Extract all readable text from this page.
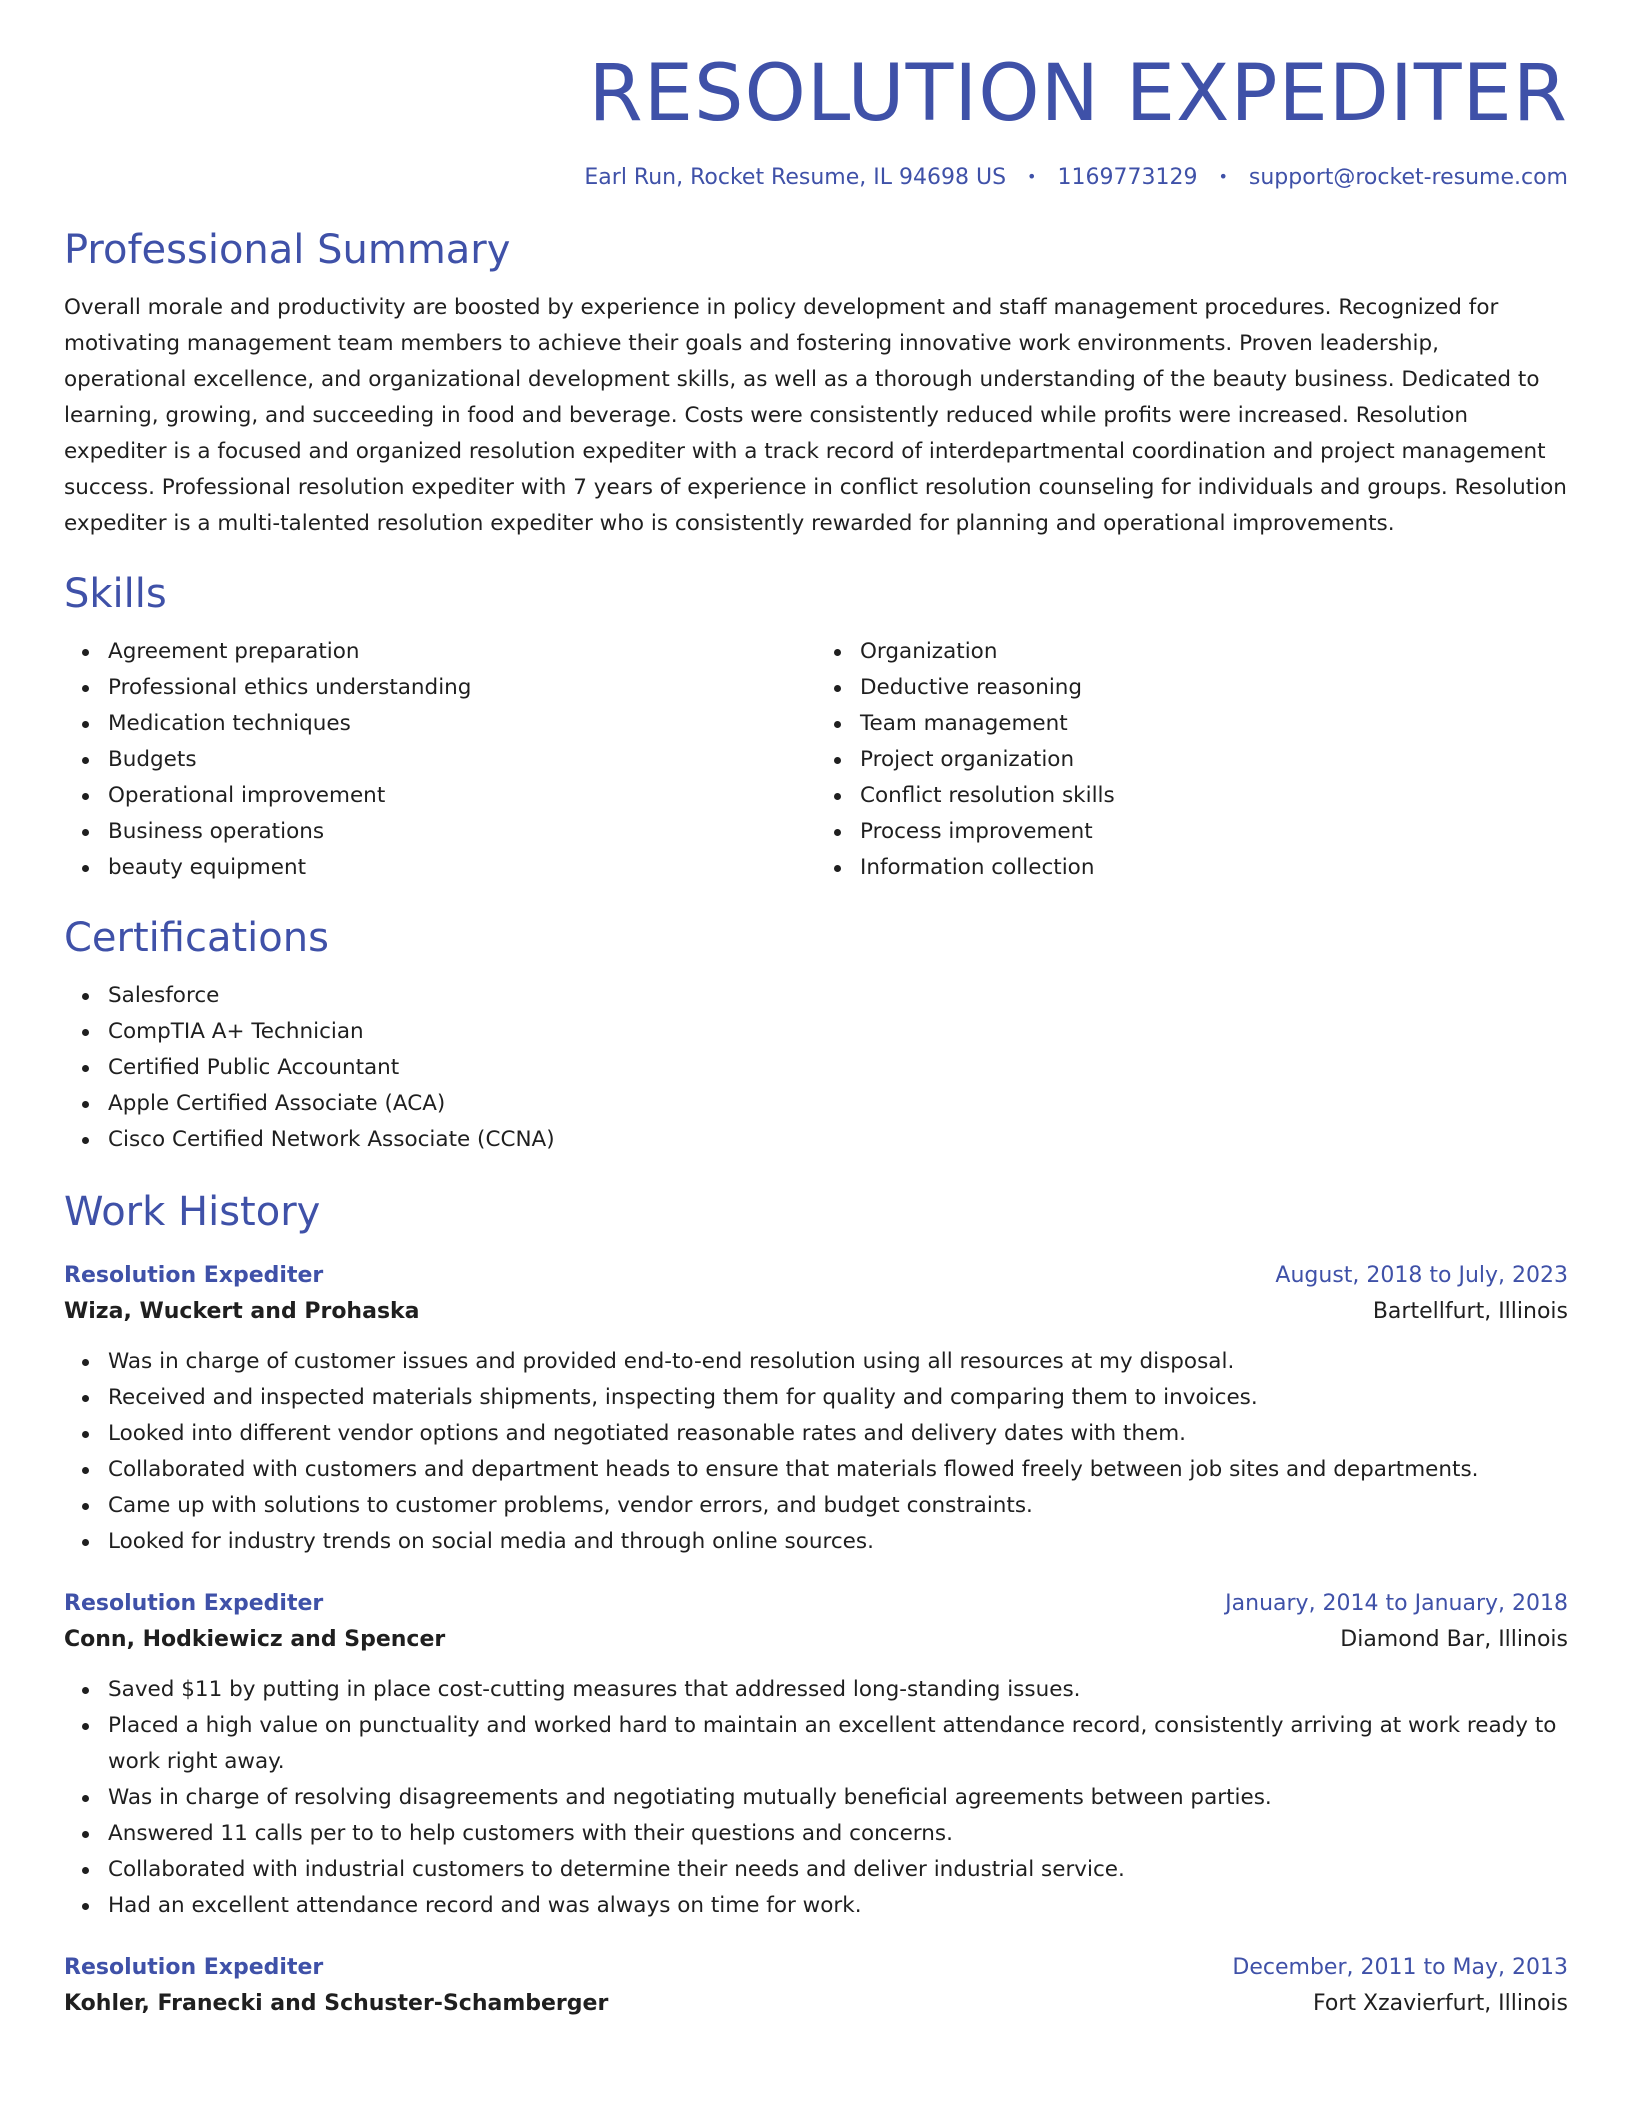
RESOLUTION EXPEDITER
Earl Run, Rocket Resume, IL 94698 US • 1169773129 • support@rocket-resume.com
Professional Summary

Overall morale and productivity are boosted by experience in policy development and staff management procedures. Recognized for motivating management team members to achieve their goals and fostering innovative work environments. Proven leadership, operational excellence, and organizational development skills, as well as a thorough understanding of the beauty business. Dedicated to learning, growing, and succeeding in food and beverage. Costs were consistently reduced while profits were increased. Resolution expediter is a focused and organized resolution expediter with a track record of interdepartmental coordination and project management success. Professional resolution expediter with 7 years of experience in conflict resolution counseling for individuals and groups. Resolution expediter is a multi-talented resolution expediter who is consistently rewarded for planning and operational improvements.

Skills
Agreement preparation
Professional ethics understanding
Medication techniques
Budgets
Operational improvement
Business operations
beauty equipment
Organization
Deductive reasoning
Team management
Project organization
Conflict resolution skills
Process improvement
Information collection
Certifications
Salesforce
CompTIA A+ Technician
Certified Public Accountant
Apple Certified Associate (ACA)
Cisco Certified Network Associate (CCNA)
Work History
Resolution Expediter	August, 2018 to July, 2023
Wiza, Wuckert and Prohaska	Bartellfurt, Illinois
Was in charge of customer issues and provided end-to-end resolution using all resources at my disposal.
Received and inspected materials shipments, inspecting them for quality and comparing them to invoices.
Looked into different vendor options and negotiated reasonable rates and delivery dates with them.
Collaborated with customers and department heads to ensure that materials flowed freely between job sites and departments.
Came up with solutions to customer problems, vendor errors, and budget constraints.
Looked for industry trends on social media and through online sources.
Resolution Expediter	January, 2014 to January, 2018
Conn, Hodkiewicz and Spencer	Diamond Bar, Illinois
Saved $11 by putting in place cost-cutting measures that addressed long-standing issues.
Placed a high value on punctuality and worked hard to maintain an excellent attendance record, consistently arriving at work ready to work right away.
Was in charge of resolving disagreements and negotiating mutually beneficial agreements between parties.
Answered 11 calls per to to help customers with their questions and concerns.
Collaborated with industrial customers to determine their needs and deliver industrial service.
Had an excellent attendance record and was always on time for work.
Resolution Expediter	December, 2011 to May, 2013
Kohler, Franecki and Schuster-Schamberger	Fort Xzavierfurt, Illinois
